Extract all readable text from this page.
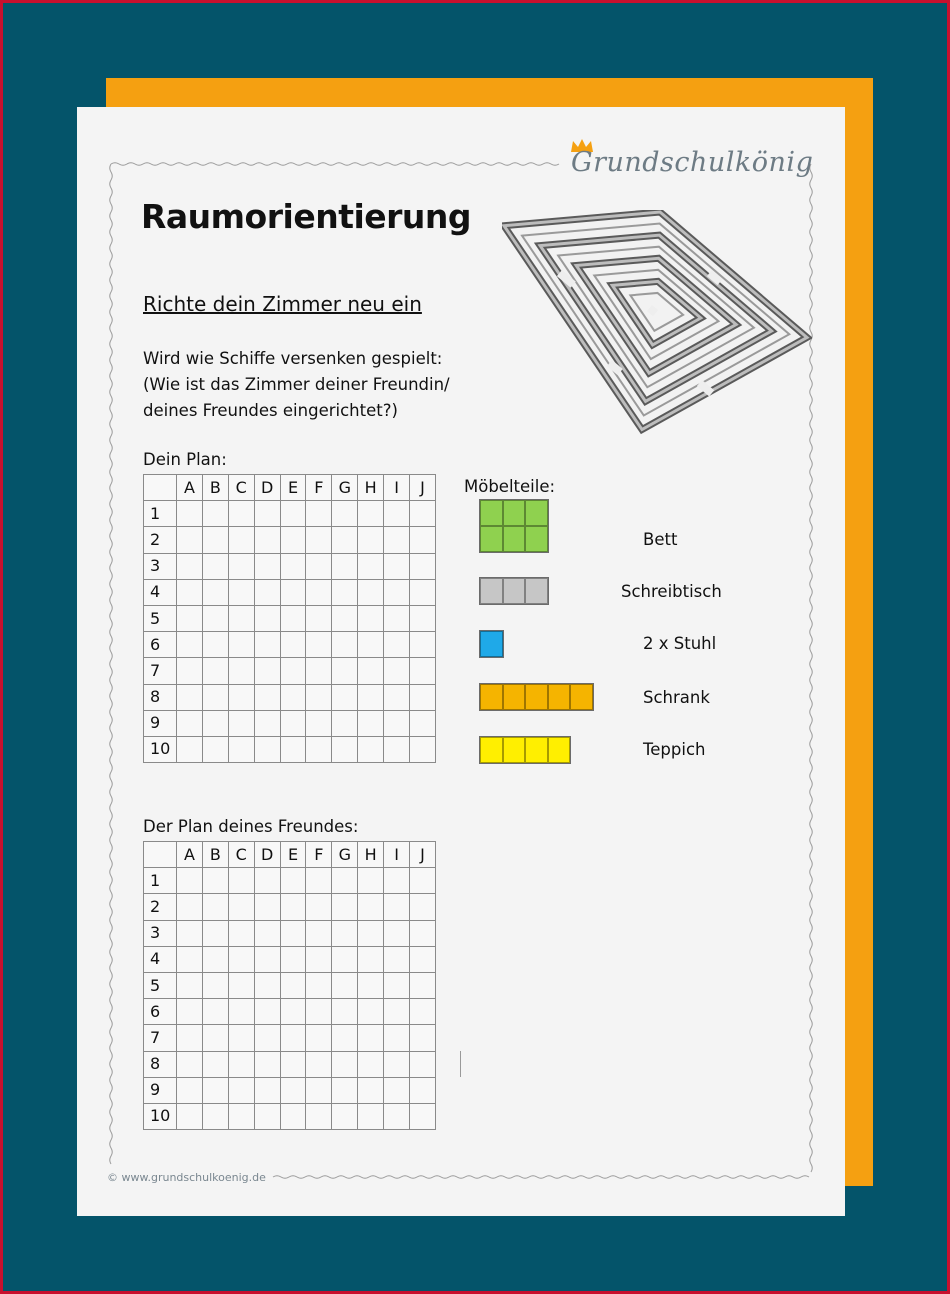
Grundschulkönig
Raumorientierung
Richte dein Zimmer neu ein
Wird wie Schiffe versenken gespielt:
(Wie ist das Zimmer deiner Freundin/
deines Freundes eingerichtet?)
Dein Plan:
	A	B	C	D	E	F	G	H	I	J
1										
2										
3										
4										
5										
6										
7										
8										
9										
10										
Möbelteile:
Bett
Schreibtisch
2 x Stuhl
Schrank
Teppich
Der Plan deines Freundes:
	A	B	C	D	E	F	G	H	I	J
1										
2										
3										
4										
5										
6										
7										
8										
9										
10										
© www.grundschulkoenig.de
